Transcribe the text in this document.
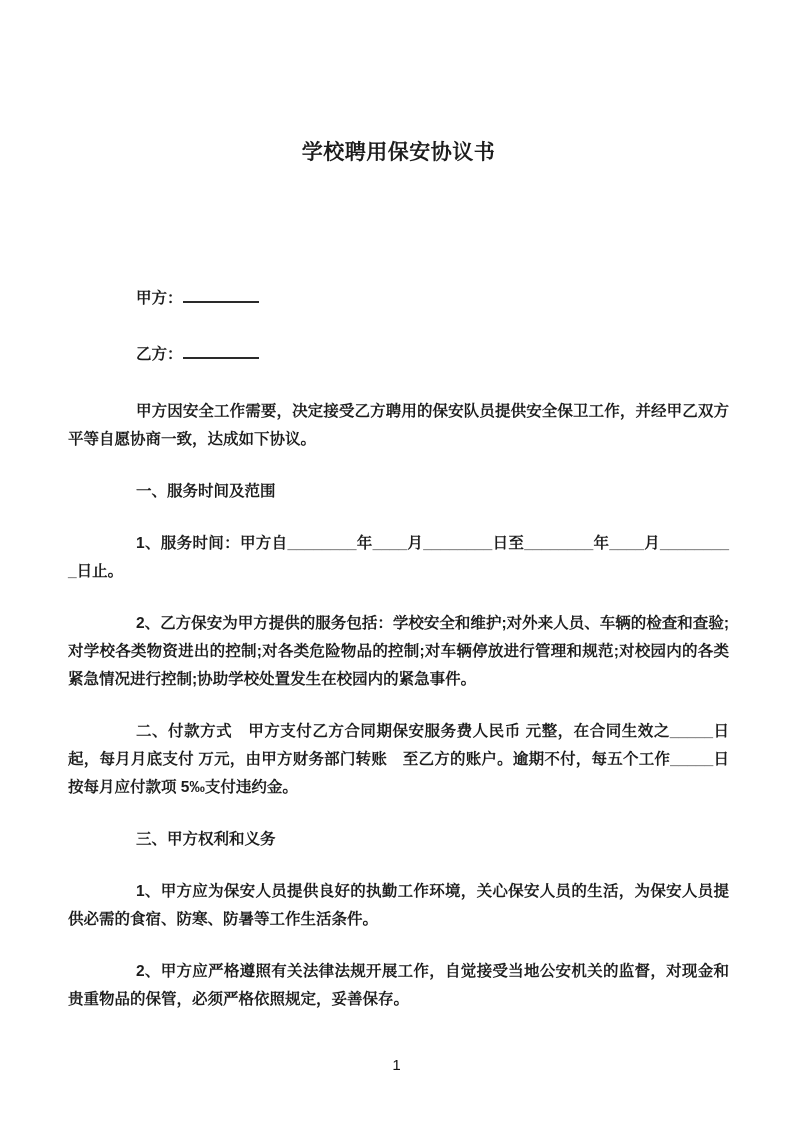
学校聘用保安协议书
甲方：
乙方：

甲方因安全工作需要，决定接受乙方聘用的保安队员提供安全保卫工作，并经甲乙双方平等自愿协商一致，达成如下协议。

一、服务时间及范围

1、服务时间：甲方自________年____月________日至________年____月_________日止。

2、乙方保安为甲方提供的服务包括：学校安全和维护;对外来人员、车辆的检查和查验;对学校各类物资进出的控制;对各类危险物品的控制;对车辆停放进行管理和规范;对校园内的各类紧急情况进行控制;协助学校处置发生在校园内的紧急事件。

二、付款方式　甲方支付乙方合同期保安服务费人民币 元整，在合同生效之_____日起，每月月底支付 万元，由甲方财务部门转账　至乙方的账户。逾期不付，每五个工作_____日按每月应付款项 5‰支付违约金。

三、甲方权利和义务

1、甲方应为保安人员提供良好的执勤工作环境，关心保安人员的生活，为保安人员提供必需的食宿、防寒、防暑等工作生活条件。

2、甲方应严格遵照有关法律法规开展工作，自觉接受当地公安机关的监督，对现金和贵重物品的保管，必须严格依照规定，妥善保存。

1
